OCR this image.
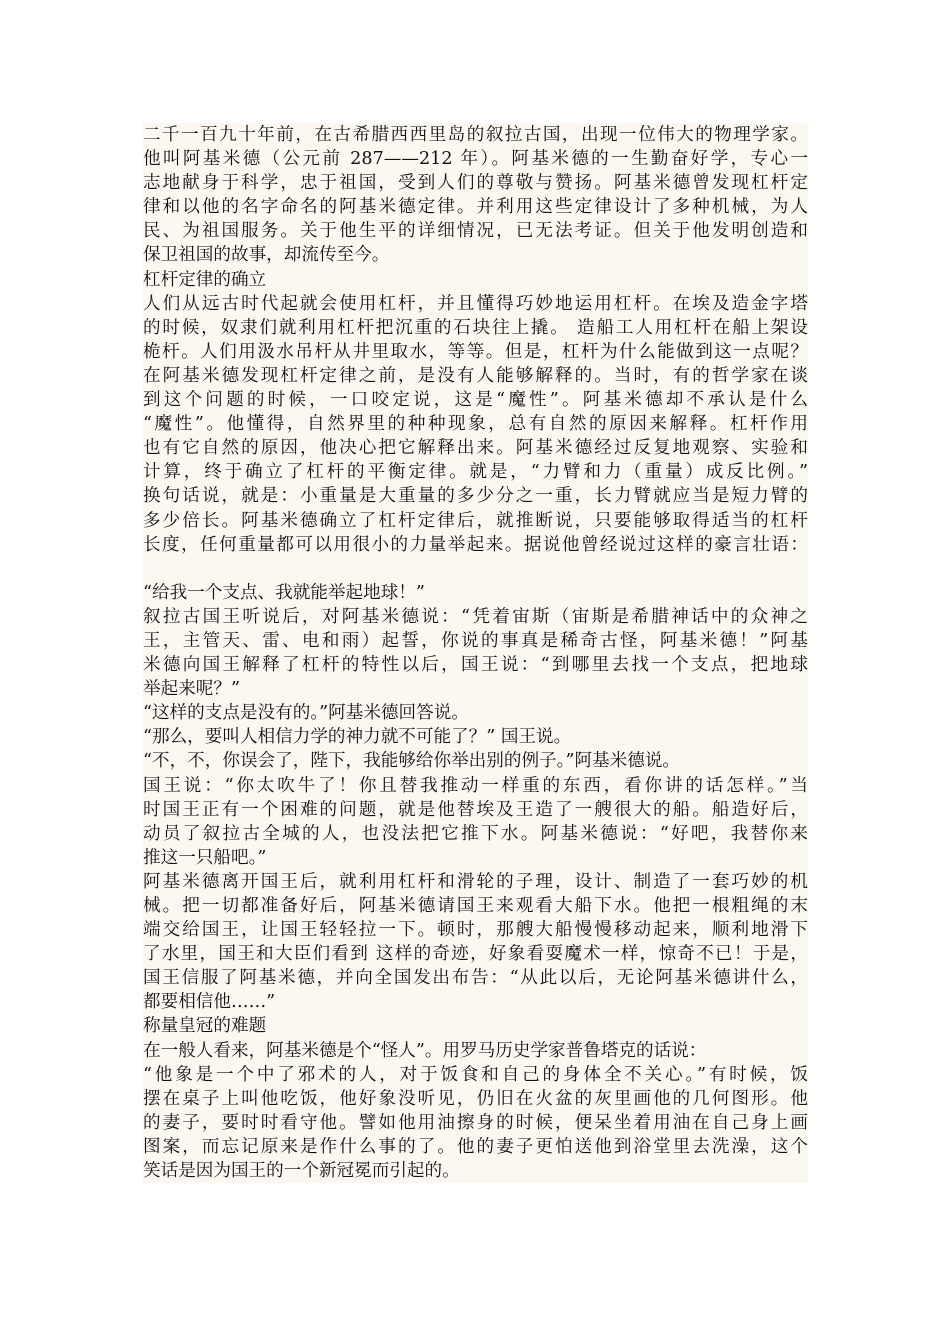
二千一百九十年前，在古希腊西西里岛的叙拉古国，出现一位伟大的物理学家。
他叫阿基米德（公元前 287——212 年）。阿基米德的一生勤奋好学，专心一
志地献身于科学，忠于祖国，受到人们的尊敬与赞扬。阿基米德曾发现杠杆定
律和以他的名字命名的阿基米德定律。并利用这些定律设计了多种机械，为人
民、为祖国服务。关于他生平的详细情况，已无法考证。但关于他发明创造和
保卫祖国的故事，却流传至今。
杠杆定律的确立
人们从远古时代起就会使用杠杆，并且懂得巧妙地运用杠杆。在埃及造金字塔
的时候，奴隶们就利用杠杆把沉重的石块往上撬。 造船工人用杠杆在船上架设
桅杆。人们用汲水吊杆从井里取水，等等。但是，杠杆为什么能做到这一点呢？
在阿基米德发现杠杆定律之前，是没有人能够解释的。当时，有的哲学家在谈
到这个问题的时候，一口咬定说，这是“魔性”。阿基米德却不承认是什么
“魔性”。他懂得，自然界里的种种现象，总有自然的原因来解释。杠杆作用
也有它自然的原因，他决心把它解释出来。阿基米德经过反复地观察、实验和
计算，终于确立了杠杆的平衡定律。就是，“力臂和力（重量）成反比例。”
换句话说，就是：小重量是大重量的多少分之一重，长力臂就应当是短力臂的
多少倍长。阿基米德确立了杠杆定律后，就推断说，只要能够取得适当的杠杆
长度，任何重量都可以用很小的力量举起来。据说他曾经说过这样的豪言壮语：
“给我一个支点、我就能举起地球！”
叙拉古国王听说后，对阿基米德说：“凭着宙斯（宙斯是希腊神话中的众神之
王，主管天、雷、电和雨）起誓，你说的事真是稀奇古怪，阿基米德！”阿基
米德向国王解释了杠杆的特性以后，国王说：“到哪里去找一个支点，把地球
举起来呢？”
“这样的支点是没有的。”阿基米德回答说。
“那么，要叫人相信力学的神力就不可能了？” 国王说。
“不，不，你误会了，陛下，我能够给你举出别的例子。”阿基米德说。
国王说：“你太吹牛了！你且替我推动一样重的东西，看你讲的话怎样。”当
时国王正有一个困难的问题，就是他替埃及王造了一艘很大的船。船造好后，
动员了叙拉古全城的人，也没法把它推下水。阿基米德说：“好吧，我替你来
推这一只船吧。”
阿基米德离开国王后，就利用杠杆和滑轮的子理，设计、制造了一套巧妙的机
械。把一切都准备好后，阿基米德请国王来观看大船下水。他把一根粗绳的末
端交给国王，让国王轻轻拉一下。顿时，那艘大船慢慢移动起来，顺利地滑下
了水里，国王和大臣们看到 这样的奇迹，好象看耍魔术一样，惊奇不已！于是，
国王信服了阿基米德，并向全国发出布告：“从此以后，无论阿基米德讲什么，
都要相信他……”
称量皇冠的难题
在一般人看来，阿基米德是个“怪人”。用罗马历史学家普鲁塔克的话说：
“他象是一个中了邪术的人，对于饭食和自己的身体全不关心。”有时候，饭
摆在桌子上叫他吃饭，他好象没听见，仍旧在火盆的灰里画他的几何图形。他
的妻子，要时时看守他。譬如他用油擦身的时候，便呆坐着用油在自己身上画
图案，而忘记原来是作什么事的了。他的妻子更怕送他到浴堂里去洗澡，这个
笑话是因为国王的一个新冠冕而引起的。
